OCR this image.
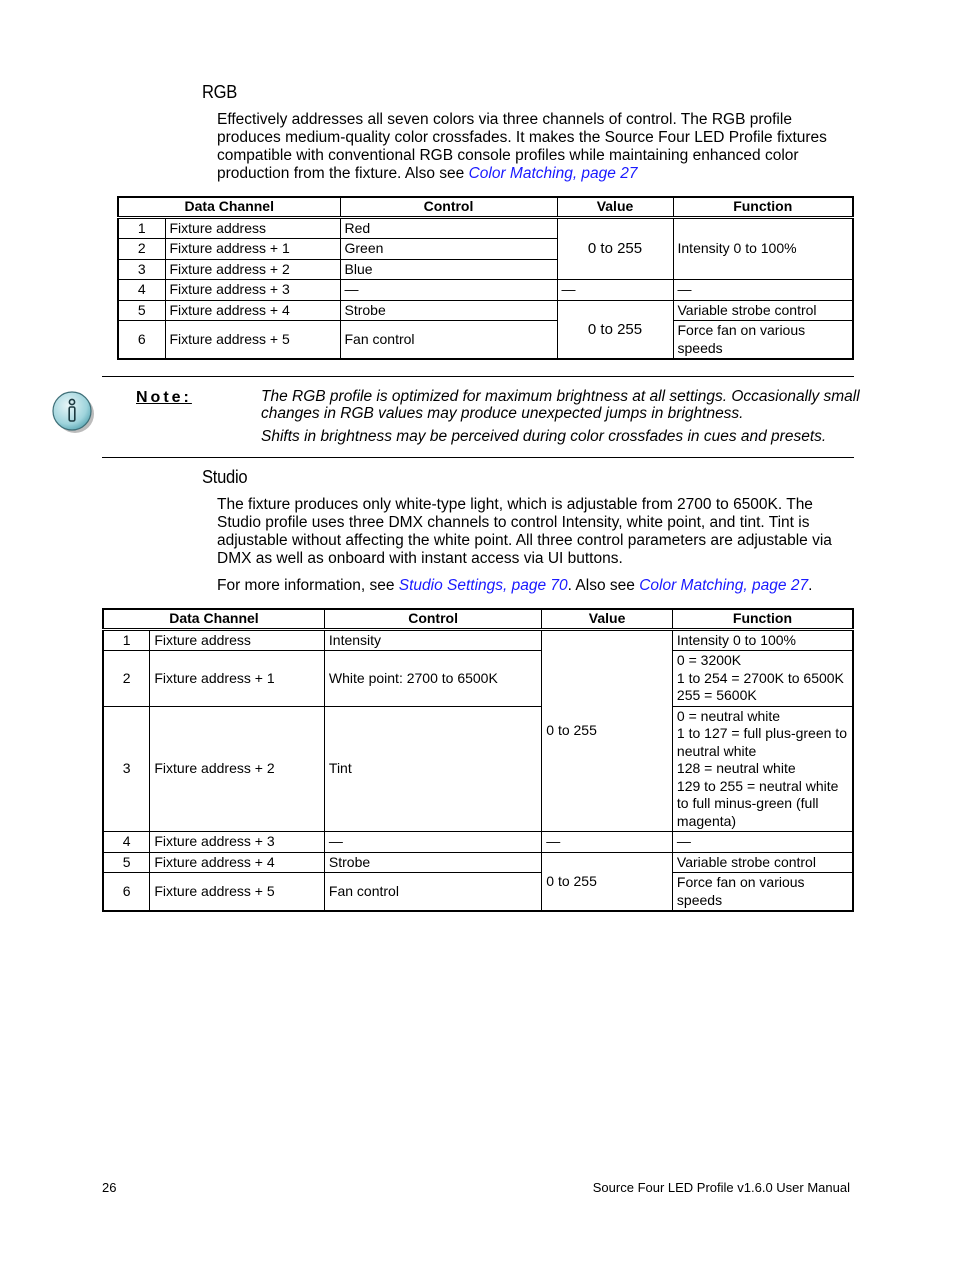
RGB
Effectively addresses all seven colors via three channels of control. The RGB profile produces medium-quality color crossfades. It makes the Source Four LED Profile fixtures compatible with conventional RGB console profiles while maintaining enhanced color production from the fixture. Also see Color Matching, page 27
Data Channel		Control	Value	Function
1	Fixture address	Red	0 to 255	Intensity 0 to 100%
2	Fixture address + 1	Green		
3	Fixture address + 2	Blue		
4	Fixture address + 3	—	—	—
5	Fixture address + 4	Strobe	0 to 255	Variable strobe control
6	Fixture address + 5	Fan control		Force fan on various speeds
Note:	The RGB profile is optimized for maximum brightness at all settings. Occasionally small changes in RGB values may produce unexpected jumps in brightness.
Shifts in brightness may be perceived during color crossfades in cues and presets.
Studio
The fixture produces only white-type light, which is adjustable from 2700 to 6500K. The Studio profile uses three DMX channels to control Intensity, white point, and tint. Tint is adjustable without affecting the white point. All three control parameters are adjustable via DMX as well as onboard with instant access via UI buttons.
For more information, see Studio Settings, page 70. Also see Color Matching, page 27.
Data Channel		Control	Value	Function
1	Fixture address	Intensity	0 to 255	Intensity 0 to 100%

2	Fixture address + 1	White point: 2700 to 6500K		0 = 3200K
1 to 254 = 2700K to 6500K
255 = 5600K

3	Fixture address + 2	Tint		0 = neutral white
1 to 127 = full plus-green to neutral white
128 = neutral white
129 to 255 = neutral white to full minus-green (full magenta)

4	Fixture address + 3	—	—	—

5	Fixture address + 4	Strobe	0 to 255	Variable strobe control

6	Fixture address + 5	Fan control		Force fan on various speeds
26	Source Four LED Profile v1.6.0 User Manual
